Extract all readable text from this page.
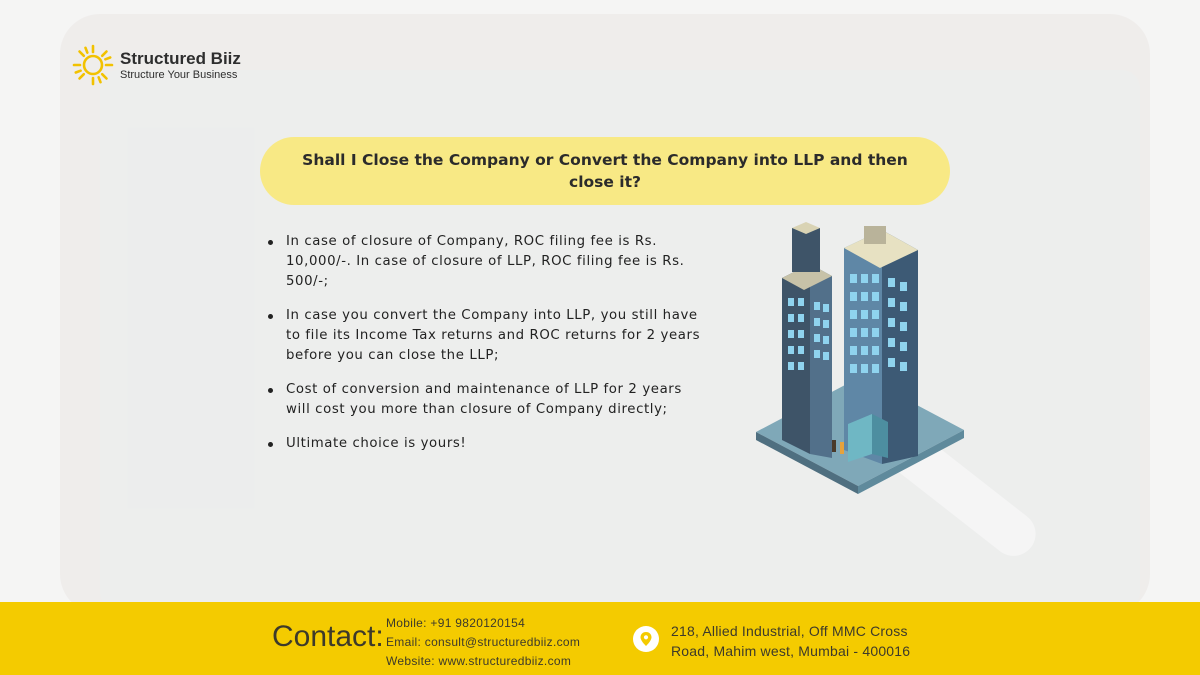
Structured Biiz
Structure Your Business
Shall I Close the Company or Convert the Company into LLP and then
close it?
In case of closure of Company, ROC filing fee is Rs. 10,000/-. In case of closure of LLP, ROC filing fee is Rs. 500/-;
In case you convert the Company into LLP, you still have to file its Income Tax returns and ROC returns for 2 years before you can close the LLP;
Cost of conversion and maintenance of LLP for 2 years will cost you more than closure of Company directly;
Ultimate choice is yours!
Contact: Mobile: +91 9820120154
Email: consult@structuredbiiz.com
Website: www.structuredbiiz.com
218, Allied Industrial, Off MMC Cross
Road, Mahim west, Mumbai - 400016
